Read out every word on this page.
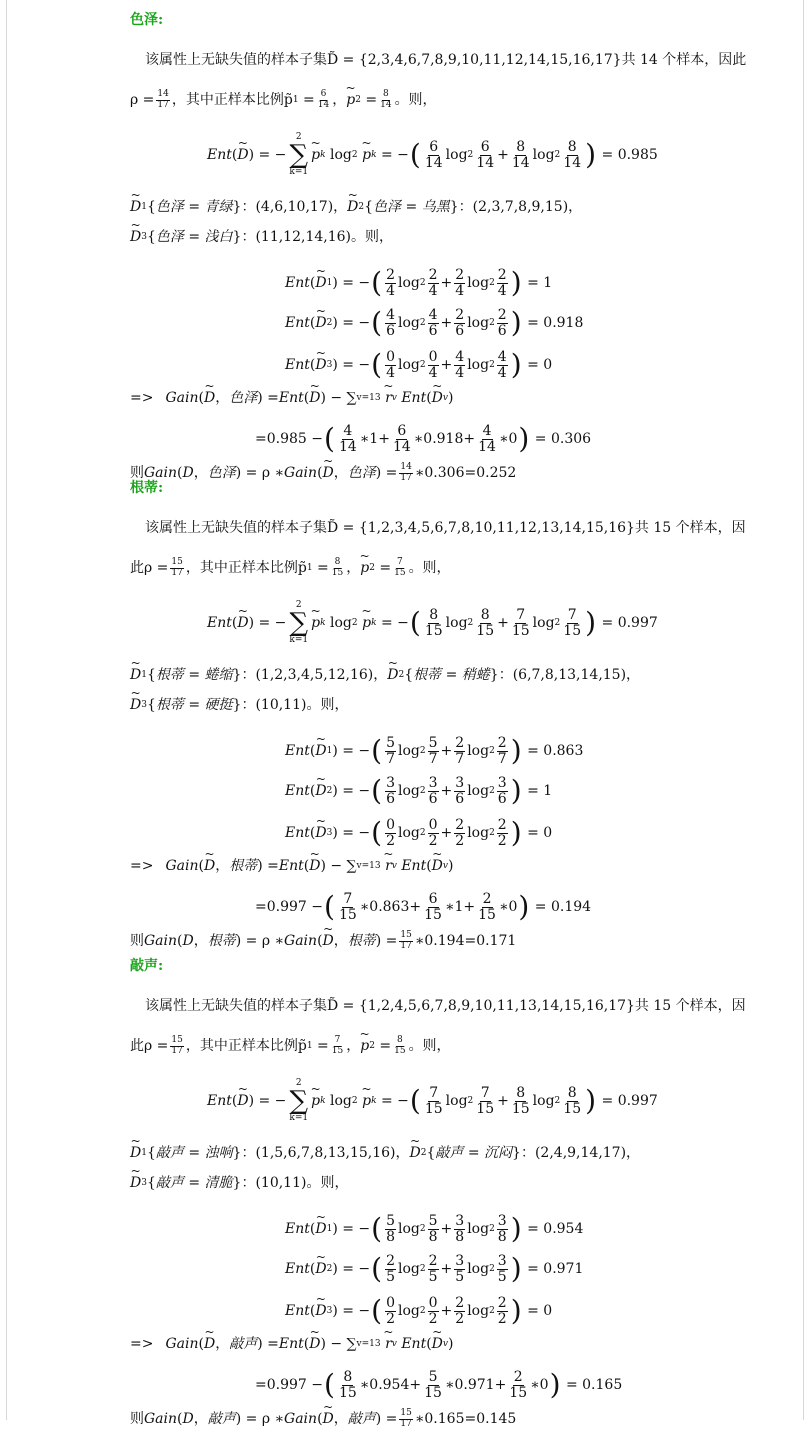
色泽:
该属性上无缺失值的样本子集D̃ = {2,3,4,6,7,8,9,10,11,12,14,15,16,17}共 14 个样本，因此
$\rho = \frac{14}{17}$ ，其中正样本比例p̃ $1 = \frac{6}{14}$ ， ~ p $2 = \frac{8}{14}$ 。则，
Ent ( ~ D ) = −
2
∑
k=1
~ p k log 2
~ p k = − ( $\frac{6}{14}$ $\log 2 \frac{6}{14} + \frac{8}{14}$ $\log 2 \frac{8}{14}$ ) = 0.985
~ D 1 { 色泽 = 青绿 }： (4,6,10,17) ， ~ D 2 { 色泽 = 乌黑 }： (2,3,7,8,9,15) ，
~ D 3 { 色泽 = 浅白 }： (11,12,14,16) 。则，
Ent ( ~ D 1 ) = − ( $\frac{2}{4}$ $\log 2 \frac{2}{4} + \frac{2}{4}$ $\log 2 \frac{2}{4}$ ) = 1
Ent ( ~ D 2 ) = − ( $\frac{4}{6}$ $\log 2 \frac{4}{6} + \frac{2}{6}$ $\log 2 \frac{2}{6}$ ) = 0.918
Ent ( ~ D 3 ) = − ( $\frac{0}{4}$ $\log 2 \frac{0}{4} + \frac{4}{4}$ $\log 2 \frac{4}{4}$ ) = 0
=> Gain ( ~ D ， 色泽 ) = Ent ( ~ D ) − ∑ v=1 3
~ r v
Ent ( ~ D v )
= 0.985 − ( $\frac{4}{14}$ ∗ $1 + \frac{6}{14}$ ∗ $0.918 + \frac{4}{14}$ ∗ 0 ) = 0.306
则 Gain ( D ， 色泽 ) = ρ ∗ Gain ( ~ D ， 色泽 ) = $\frac{14}{17}$ ∗ 0.306 = 0.252
根蒂:
该属性上无缺失值的样本子集D̃ = {1,2,3,4,5,6,7,8,10,11,12,13,14,15,16}共 15 个样本，因
此$\rho = \frac{15}{17}$ ，其中正样本比例p̃ $1 = \frac{8}{15}$ ， ~ p $2 = \frac{7}{15}$ 。则，
Ent ( ~ D ) = −
2
∑
k=1
~ p k log 2
~ p k = − ( $\frac{8}{15}$ $\log 2 \frac{8}{15} + \frac{7}{15}$ $\log 2 \frac{7}{15}$ ) = 0.997
~ D 1 { 根蒂 = 蜷缩 }： (1,2,3,4,5,12,16) ， ~ D 2 { 根蒂 = 稍蜷 }： (6,7,8,13,14,15) ，
~ D 3 { 根蒂 = 硬挺 }： (10,11) 。则，
Ent ( ~ D 1 ) = − ( $\frac{5}{7}$ $\log 2 \frac{5}{7} + \frac{2}{7}$ $\log 2 \frac{2}{7}$ ) = 0.863
Ent ( ~ D 2 ) = − ( $\frac{3}{6}$ $\log 2 \frac{3}{6} + \frac{3}{6}$ $\log 2 \frac{3}{6}$ ) = 1
Ent ( ~ D 3 ) = − ( $\frac{0}{2}$ $\log 2 \frac{0}{2} + \frac{2}{2}$ $\log 2 \frac{2}{2}$ ) = 0
=> Gain ( ~ D ， 根蒂 ) = Ent ( ~ D ) − ∑ v=1 3
~ r v
Ent ( ~ D v )
= 0.997 − ( $\frac{7}{15}$ ∗ $0.863 + \frac{6}{15}$ ∗ $1 + \frac{2}{15}$ ∗ 0 ) = 0.194
则 Gain ( D ， 根蒂 ) = ρ ∗ Gain ( ~ D ， 根蒂 ) = $\frac{15}{17}$ ∗ 0.194 = 0.171
敲声:
该属性上无缺失值的样本子集D̃ = {1,2,4,5,6,7,8,9,10,11,13,14,15,16,17}共 15 个样本，因
此$\rho = \frac{15}{17}$ ，其中正样本比例p̃ $1 = \frac{7}{15}$ ， ~ p $2 = \frac{8}{15}$ 。则，
Ent ( ~ D ) = −
2
∑
k=1
~ p k log 2
~ p k = − ( $\frac{7}{15}$ $\log 2 \frac{7}{15} + \frac{8}{15}$ $\log 2 \frac{8}{15}$ ) = 0.997
~ D 1 { 敲声 = 浊响 }： (1,5,6,7,8,13,15,16) ， ~ D 2 { 敲声 = 沉闷 }： (2,4,9,14,17) ，
~ D 3 { 敲声 = 清脆 }： (10,11) 。则，
Ent ( ~ D 1 ) = − ( $\frac{5}{8}$ $\log 2 \frac{5}{8} + \frac{3}{8}$ $\log 2 \frac{3}{8}$ ) = 0.954
Ent ( ~ D 2 ) = − ( $\frac{2}{5}$ $\log 2 \frac{2}{5} + \frac{3}{5}$ $\log 2 \frac{3}{5}$ ) = 0.971
Ent ( ~ D 3 ) = − ( $\frac{0}{2}$ $\log 2 \frac{0}{2} + \frac{2}{2}$ $\log 2 \frac{2}{2}$ ) = 0
=> Gain ( ~ D ， 敲声 ) = Ent ( ~ D ) − ∑ v=1 3
~ r v
Ent ( ~ D v )
= 0.997 − ( $\frac{8}{15}$ ∗ $0.954 + \frac{5}{15}$ ∗ $0.971 + \frac{2}{15}$ ∗ 0 ) = 0.165
则 Gain ( D ， 敲声 ) = ρ ∗ Gain ( ~ D ， 敲声 ) = $\frac{15}{17}$ ∗ 0.165 = 0.145
